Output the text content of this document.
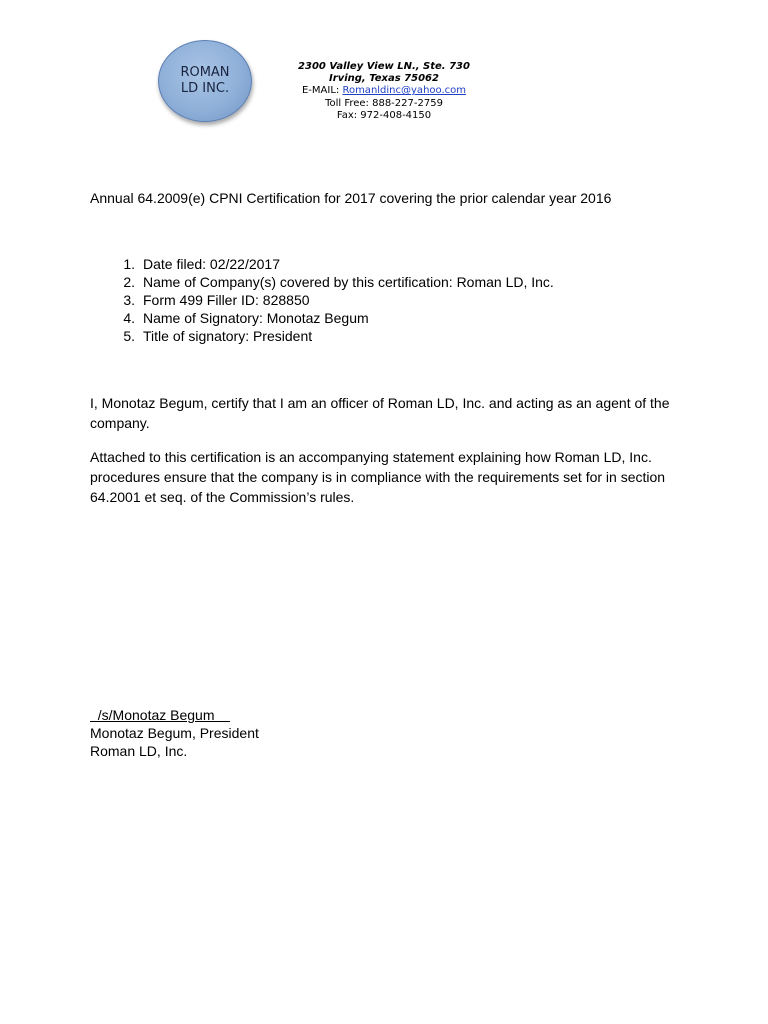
ROMAN
LD INC.
2300 Valley View LN., Ste. 730
Irving, Texas 75062
E-MAIL: Romanldinc@yahoo.com
Toll Free: 888-227-2759
Fax: 972-408-4150
Annual 64.2009(e) CPNI Certification for 2017 covering the prior calendar year 2016
1. Date filed: 02/22/2017
2. Name of Company(s) covered by this certification: Roman LD, Inc.
3. Form 499 Filler ID: 828850
4. Name of Signatory: Monotaz Begum
5. Title of signatory: President

I, Monotaz Begum, certify that I am an officer of Roman LD, Inc. and acting as an agent of the company.

Attached to this certification is an accompanying statement explaining how Roman LD, Inc. procedures ensure that the company is in compliance with the requirements set for in section 64.2001 et seq. of the Commission’s rules.

/s/Monotaz Begum
Monotaz Begum, President
Roman LD, Inc.
